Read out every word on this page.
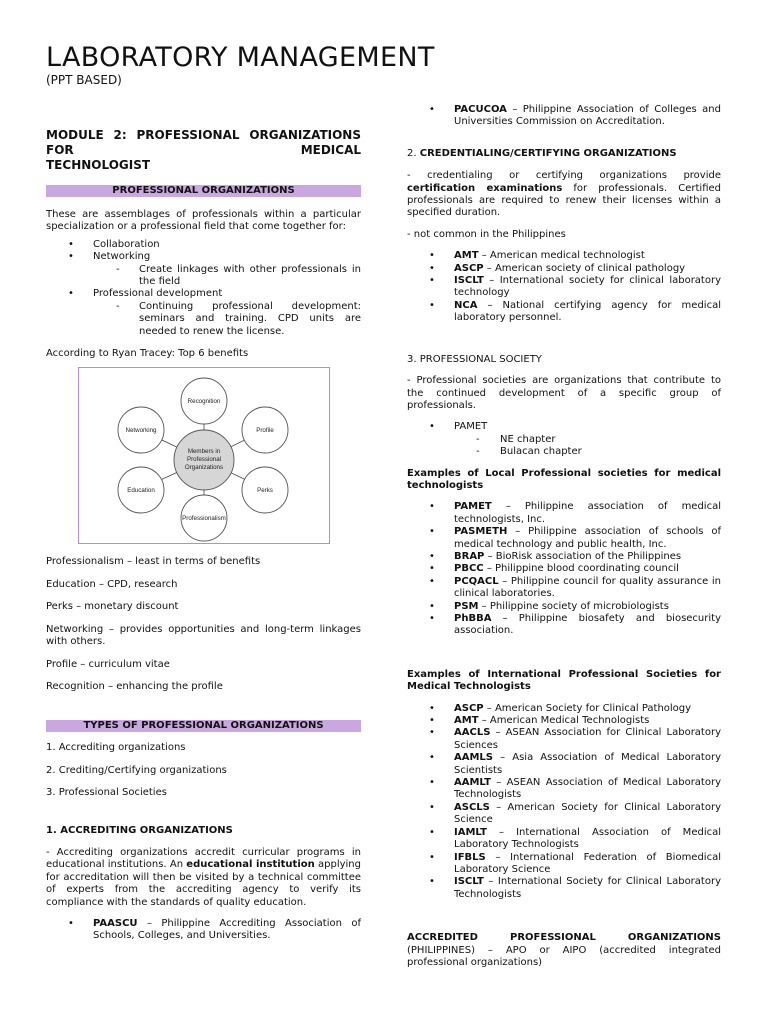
LABORATORY MANAGEMENT
(PPT BASED)

MODULE 2: PROFESSIONAL ORGANIZATIONS FOR MEDICAL
TECHNOLOGIST

PROFESSIONAL ORGANIZATIONS

These are assemblages of professionals within a particular specialization or a professional field that come together for:

• Collaboration
• Networking
- Create linkages with other professionals in the field
• Professional development
- Continuing professional development: seminars and training. CPD units are needed to renew the license.

According to Ryan Tracey: Top 6 benefits

Members in
Professional
Organizations
Recognition
Profile
Perks
Professionalism
Education
Networking

Professionalism – least in terms of benefits

Education – CPD, research

Perks – monetary discount

Networking – provides opportunities and long-term linkages with others.

Profile – curriculum vitae

Recognition – enhancing the profile

TYPES OF PROFESSIONAL ORGANIZATIONS

1. Accrediting organizations

2. Crediting/Certifying organizations

3. Professional Societies

1. ACCREDITING ORGANIZATIONS

- Accrediting organizations accredit curricular programs in educational institutions. An educational institution applying for accreditation will then be visited by a technical committee of experts from the accrediting agency to verify its compliance with the standards of quality education.

• PAASCU – Philippine Accrediting Association of Schools, Colleges, and Universities.
• PACUCOA – Philippine Association of Colleges and Universities Commission on Accreditation.

2. CREDENTIALING/CERTIFYING ORGANIZATIONS

- credentialing or certifying organizations provide certification examinations for professionals. Certified professionals are required to renew their licenses within a specified duration.

- not common in the Philippines

• AMT – American medical technologist
• ASCP – American society of clinical pathology
• ISCLT – International society for clinical laboratory technology
• NCA – National certifying agency for medical laboratory personnel.

3. PROFESSIONAL SOCIETY

- Professional societies are organizations that contribute to the continued development of a specific group of professionals.

• PAMET
- NE chapter
- Bulacan chapter

Examples of Local Professional societies for medical technologists

• PAMET – Philippine association of medical technologists, Inc.
• PASMETH – Philippine association of schools of medical technology and public health, Inc.
• BRAP – BioRisk association of the Philippines
• PBCC – Philippine blood coordinating council
• PCQACL – Philippine council for quality assurance in clinical laboratories.
• PSM – Philippine society of microbiologists
• PhBBA – Philippine biosafety and biosecurity association.

Examples of International Professional Societies for Medical Technologists

• ASCP – American Society for Clinical Pathology
• AMT – American Medical Technologists
• AACLS – ASEAN Association for Clinical Laboratory Sciences
• AAMLS – Asia Association of Medical Laboratory Scientists
• AAMLT – ASEAN Association of Medical Laboratory Technologists
• ASCLS – American Society for Clinical Laboratory Science
• IAMLT – International Association of Medical Laboratory Technologists
• IFBLS – International Federation of Biomedical Laboratory Science
• ISCLT – International Society for Clinical Laboratory Technologists

ACCREDITED PROFESSIONAL ORGANIZATIONS
(PHILIPPINES) – APO or AIPO (accredited integrated professional organizations)
